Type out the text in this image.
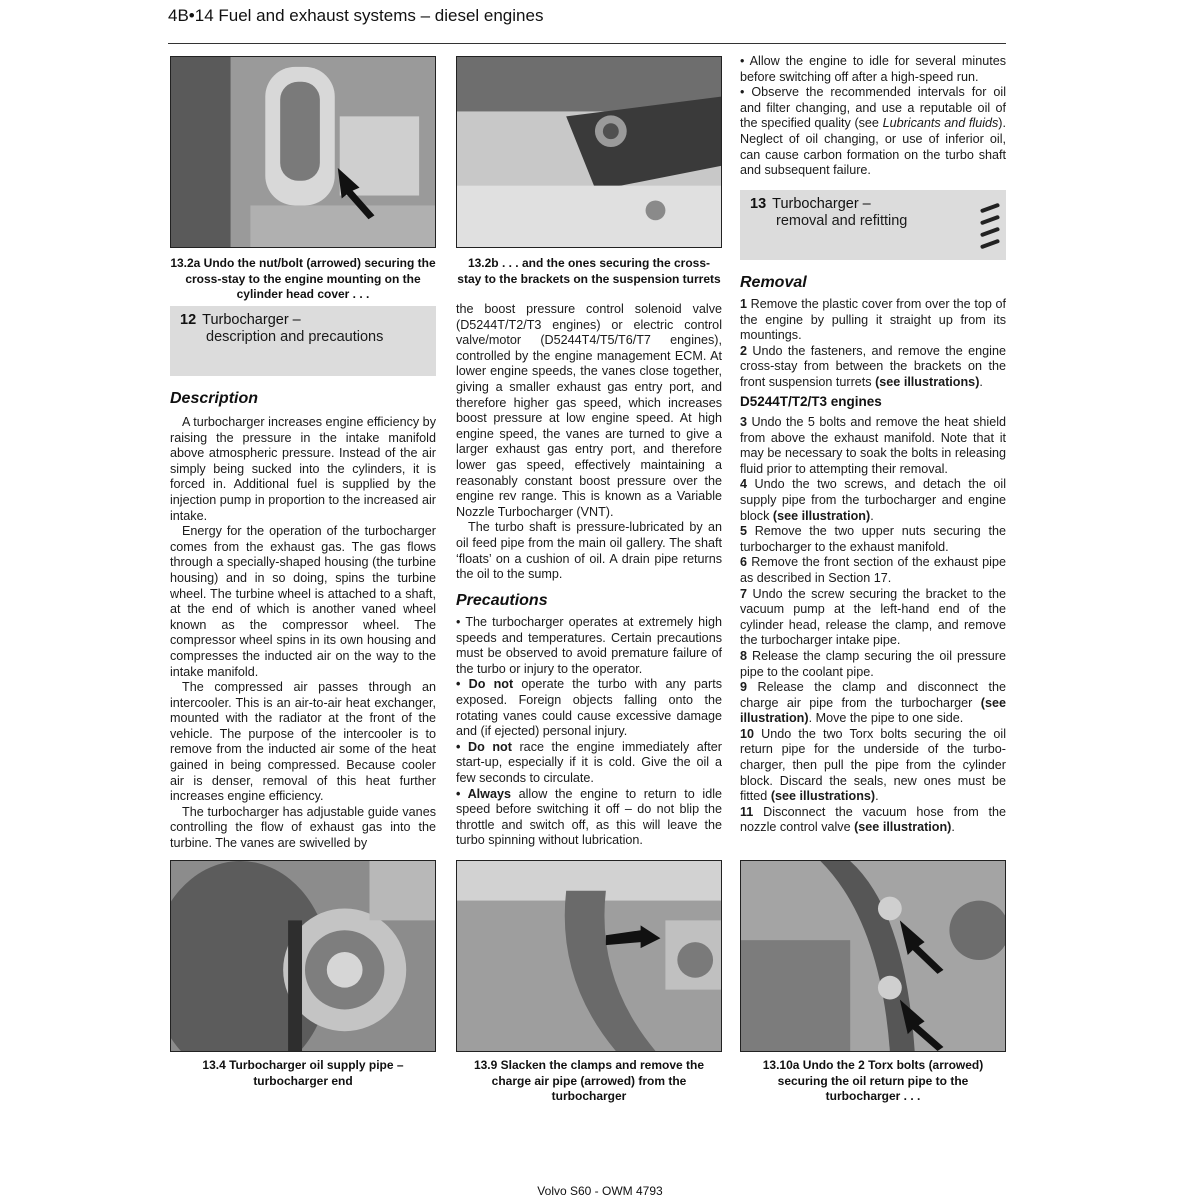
4B•14 Fuel and exhaust systems – diesel engines
13.2a Undo the nut/bolt (arrowed) securing the cross-stay to the engine mounting on the cylinder head cover . . .
13.2b . . . and the ones securing the cross-stay to the brackets on the suspension turrets
12 Turbocharger –
description and precautions
Description

A turbocharger increases engine efficiency by raising the pressure in the intake manifold above atmospheric pressure. Instead of the air simply being sucked into the cylinders, it is forced in. Additional fuel is supplied by the injection pump in proportion to the increased air intake.

Energy for the operation of the turbocharger comes from the exhaust gas. The gas flows through a specially-shaped housing (the turbine housing) and in so doing, spins the turbine wheel. The turbine wheel is attached to a shaft, at the end of which is another vaned wheel known as the compressor wheel. The compressor wheel spins in its own housing and compresses the inducted air on the way to the intake manifold.

The compressed air passes through an intercooler. This is an air-to-air heat exchanger, mounted with the radiator at the front of the vehicle. The purpose of the intercooler is to remove from the inducted air some of the heat gained in being compressed. Because cooler air is denser, removal of this heat further increases engine efficiency.

The turbocharger has adjustable guide vanes controlling the flow of exhaust gas into the turbine. The vanes are swivelled by

the boost pressure control solenoid valve (D5244T/T2/T3 engines) or electric control valve/motor (D5244T4/T5/T6/T7 engines), controlled by the engine management ECM. At lower engine speeds, the vanes close together, giving a smaller exhaust gas entry port, and therefore higher gas speed, which increases boost pressure at low engine speed. At high engine speed, the vanes are turned to give a larger exhaust gas entry port, and therefore lower gas speed, effectively maintaining a reasonably constant boost pressure over the engine rev range. This is known as a Variable Nozzle Turbocharger (VNT).

The turbo shaft is pressure-lubricated by an oil feed pipe from the main oil gallery. The shaft ‘floats’ on a cushion of oil. A drain pipe returns the oil to the sump.

Precautions

• The turbocharger operates at extremely high speeds and temperatures. Certain precautions must be observed to avoid premature failure of the turbo or injury to the operator.

• Do not operate the turbo with any parts exposed. Foreign objects falling onto the rotating vanes could cause excessive damage and (if ejected) personal injury.

• Do not race the engine immediately after start-up, especially if it is cold. Give the oil a few seconds to circulate.

• Always allow the engine to return to idle speed before switching it off – do not blip the throttle and switch off, as this will leave the turbo spinning without lubrication.

• Allow the engine to idle for several minutes before switching off after a high-speed run.

• Observe the recommended intervals for oil and filter changing, and use a reputable oil of the specified quality (see Lubricants and fluids). Neglect of oil changing, or use of inferior oil, can cause carbon formation on the turbo shaft and subsequent failure.

13 Turbocharger –
removal and refitting
Removal

1 Remove the plastic cover from over the top of the engine by pulling it straight up from its mountings.

2 Undo the fasteners, and remove the engine cross-stay from between the brackets on the front suspension turrets (see illustrations).

D5244T/T2/T3 engines

3 Undo the 5 bolts and remove the heat shield from above the exhaust manifold. Note that it may be necessary to soak the bolts in releasing fluid prior to attempting their removal.

4 Undo the two screws, and detach the oil supply pipe from the turbocharger and engine block (see illustration).

5 Remove the two upper nuts securing the turbocharger to the exhaust manifold.

6 Remove the front section of the exhaust pipe as described in Section 17.

7 Undo the screw securing the bracket to the vacuum pump at the left-hand end of the cylinder head, release the clamp, and remove the turbocharger intake pipe.

8 Release the clamp securing the oil pressure pipe to the coolant pipe.

9 Release the clamp and disconnect the charge air pipe from the turbocharger (see illustration). Move the pipe to one side.

10 Undo the two Torx bolts securing the oil return pipe for the underside of the turbo-charger, then pull the pipe from the cylinder block. Discard the seals, new ones must be fitted (see illustrations).

11 Disconnect the vacuum hose from the nozzle control valve (see illustration).

13.4 Turbocharger oil supply pipe – turbocharger end
13.9 Slacken the clamps and remove the charge air pipe (arrowed) from the turbocharger
13.10a Undo the 2 Torx bolts (arrowed) securing the oil return pipe to the turbocharger . . .
Volvo S60 - OWM 4793
